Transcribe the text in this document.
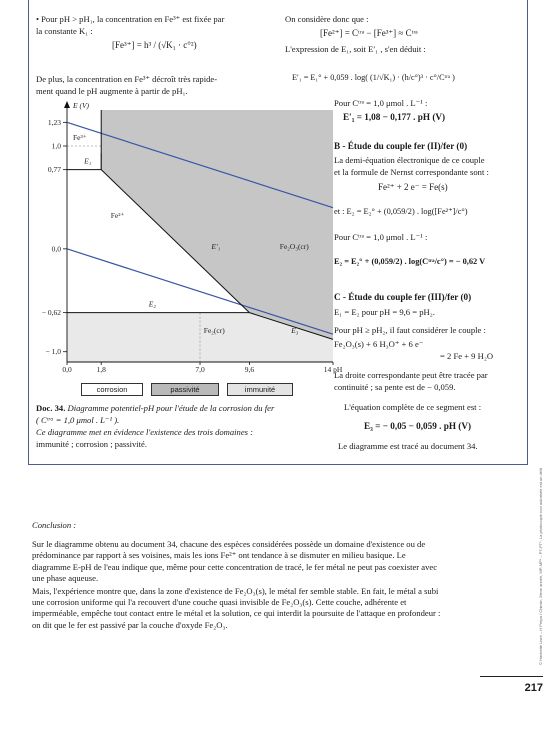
• Pour pH > pH₁, la concentration en Fe³⁺ est fixée par
la constante K₁ :
[Fe³⁺] = h³ / (√K₁ · c°²)
De plus, la concentration en Fe³⁺ décroît très rapide-
ment quand le pH augmente à partir de pH₁.
E (V)
1,23
1,0
0,77
0,0
− 0,62
− 1,0
0,0	1,8	7,0	9,6	14 pH
Fe³⁺
Fe²⁺
Fe₂O₃(cr)
Fe₂(cr)
E₁
E′₁
E₂
E₃
corrosion	passivité	immunité
Doc. 34. Diagramme potentiel-pH pour l'étude de la corrosion du fer
( Cᵗʳᵃ = 1,0 μmol . L⁻¹ ).
Ce diagramme met en évidence l'existence des trois domaines :
immunité ; corrosion ; passivité.
On considère donc que :
[Fe²⁺] = Cᵗʳᵃ − [Fe³⁺] ≈ Cᵗʳᵃ
L'expression de E₁, soit E′₁ , s'en déduit :
E′₁ = E₁° + 0,059 . log( (1/√K₁) · (h/c°)³ · c°/Cᵗʳᵃ )
Pour Cᵗʳᵃ = 1,0 μmol . L⁻¹ :
E′₁ = 1,08 − 0,177 . pH (V)
B - Étude du couple fer (II)/fer (0)
La demi-équation électronique de ce couple
et la formule de Nernst correspondante sont :
Fe²⁺ + 2 e⁻ = Fe(s)
et : E₂ = E₂° + (0,059/2) . log([Fe²⁺]/c°)
Pour Cᵗʳᵃ = 1,0 μmol . L⁻¹ :
E₂ = E₂° + (0,059/2) . log(Cᵗʳᵃ/c°) = − 0,62 V
C - Étude du couple fer (III)/fer (0)
E₁ = E₂ pour pH = 9,6 = pH₂.
Pour pH ≥ pH₂, il faut considérer le couple :
Fe₂O₃(s) + 6 H₃O⁺ + 6 e⁻
= 2 Fe + 9 H₂O
La droite correspondante peut être tracée par
continuité ; sa pente est de − 0,059.
L'équation complète de ce segment est :
E₃ = − 0,05 − 0,059 . pH (V)
Le diagramme est tracé au document 34.

Conclusion :

Sur le diagramme obtenu au document 34, chacune des espèces considérées possède un domaine d'existence ou de prédominance par rapport à ses voisines, mais les ions Fe²⁺ ont tendance à se dismuter en milieu basique. Le diagramme E-pH de l'eau indique que, même pour cette concentration de tracé, le fer métal ne peut pas coexister avec une phase aqueuse.

Mais, l'expérience montre que, dans la zone d'existence de Fe₂O₃(s), le métal fer semble stable. En fait, le métal a subi une corrosion uniforme qui l'a recouvert d'une couche quasi invisible de Fe₂O₃(s). Cette couche, adhérente et imperméable, empêche tout contact entre le métal et la solution, ce qui interdit la poursuite de l'attaque en profondeur : on dit que le fer est passivé par la couche d'oxyde Fe₂O₃.	© Hachette Livre – H Prépa / Chimie, 2ème année, MP-MP* – PT-PT*, La photocopie non autorisée est un délit
217
